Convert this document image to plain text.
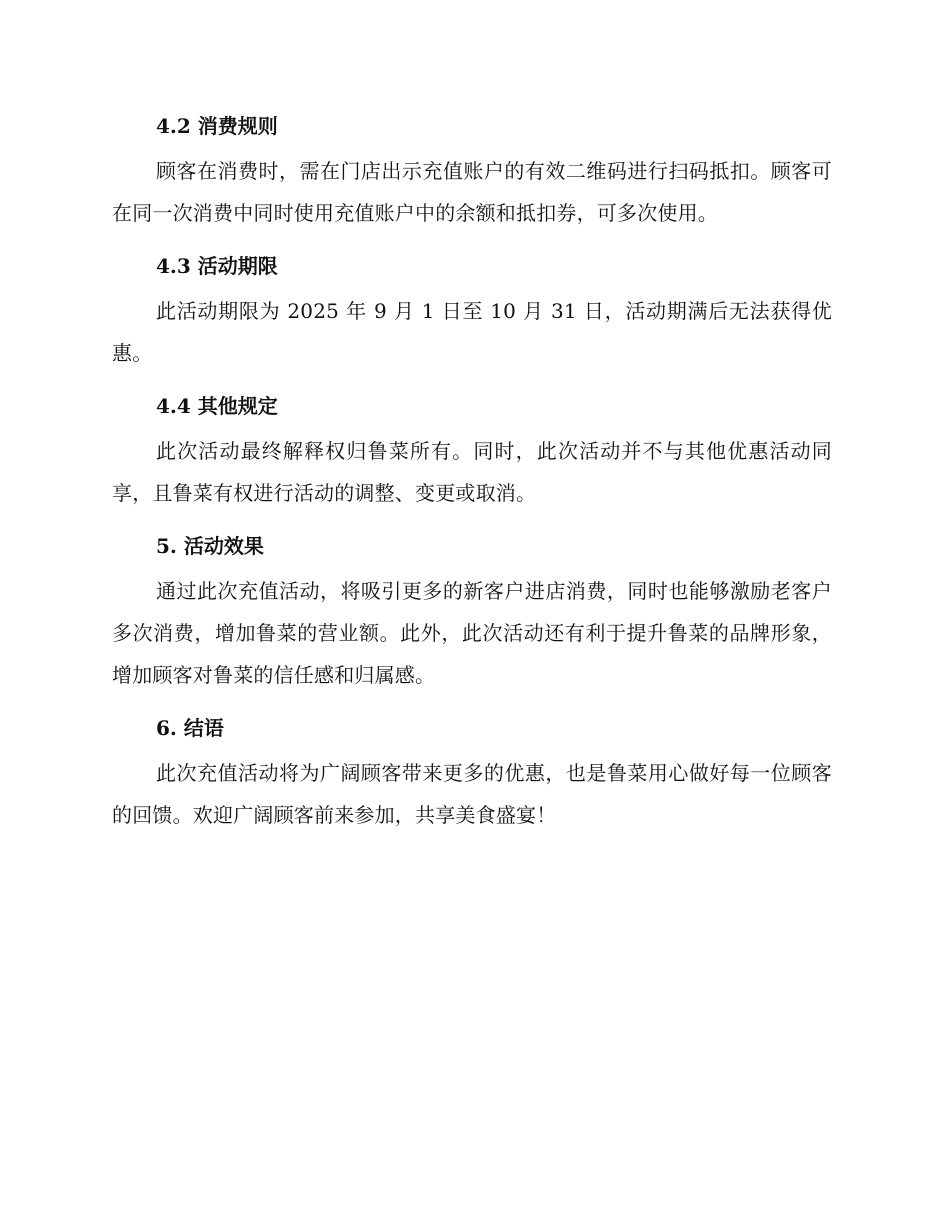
4.2 消费规则
顾客在消费时，需在门店出示充值账户的有效二维码进行扫码抵扣。顾客可在同一次消费中同时使用充值账户中的余额和抵扣券，可多次使用。
4.3 活动期限
此活动期限为 2025 年 9 月 1 日至 10 月 31 日，活动期满后无法获得优惠。
4.4 其他规定
此次活动最终解释权归鲁菜所有。同时，此次活动并不与其他优惠活动同享，且鲁菜有权进行活动的调整、变更或取消。
5. 活动效果
通过此次充值活动，将吸引更多的新客户进店消费，同时也能够激励老客户多次消费，增加鲁菜的营业额。此外，此次活动还有利于提升鲁菜的品牌形象，增加顾客对鲁菜的信任感和归属感。
6. 结语
此次充值活动将为广阔顾客带来更多的优惠，也是鲁菜用心做好每一位顾客的回馈。欢迎广阔顾客前来参加，共享美食盛宴！
